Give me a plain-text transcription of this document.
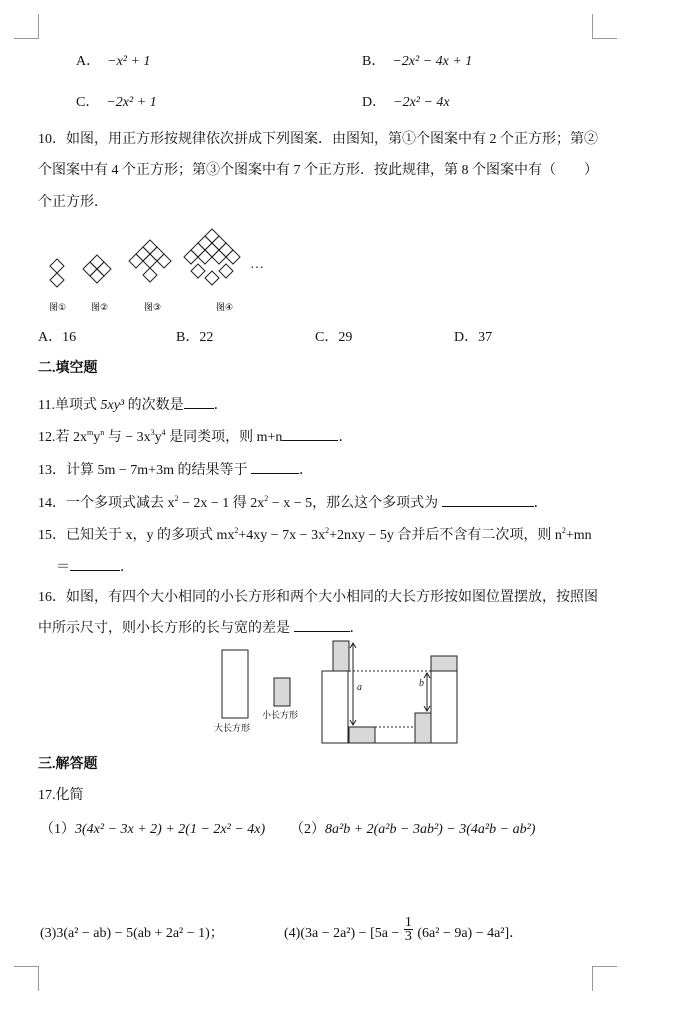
A． −x² + 1	B． −2x² − 4x + 1
C． −2x² + 1	D． −2x² − 4x
10．如图，用正方形按规律依次拼成下列图案．由图知，第①个图案中有 2 个正方形；第②
个图案中有 4 个正方形；第③个图案中有 7 个正方形．按此规律，第 8 个图案中有（　　）
个正方形．
图①	图②	图③	图④
···
A．16	B．22	C．29	D．37
二.填空题
11.单项式 5xy³ 的次数是 ．
12.若 $2x^my^n$ 与 − $3x^3y^4$ 是同类项，则 m+n	．
13．计算 5m − 7m+3m 的结果等于	．
14．一个多项式减去 $x^2 - 2x - 1$ 得 $2x^2 - x - 5$，那么这个多项式为	．
15．已知关于 x，y 的多项式 $mx^2+4xy - 7x - 3x^2+2nxy - 5y$ 合并后不含有二次项，则 $n^2+mn$
＝	．
16．如图，有四个大小相同的小长方形和两个大小相同的大长方形按如图位置摆放，按照图
中所示尺寸，则小长方形的长与宽的差是	．
a	b
大长方形
小长方形
三.解答题
17.化简
（1）3(4x² − 3x + 2) + 2(1 − 2x² − 4x) （2）8a²b + 2(a²b − 3ab²) − 3(4a²b − ab²)
(3)3(a² − ab) − 5(ab + 2a² − 1)；	$(4)(3a - 2a^2) - [5a - \frac{1}{3} (6a^2 - 9a) - 4a^2]$．
